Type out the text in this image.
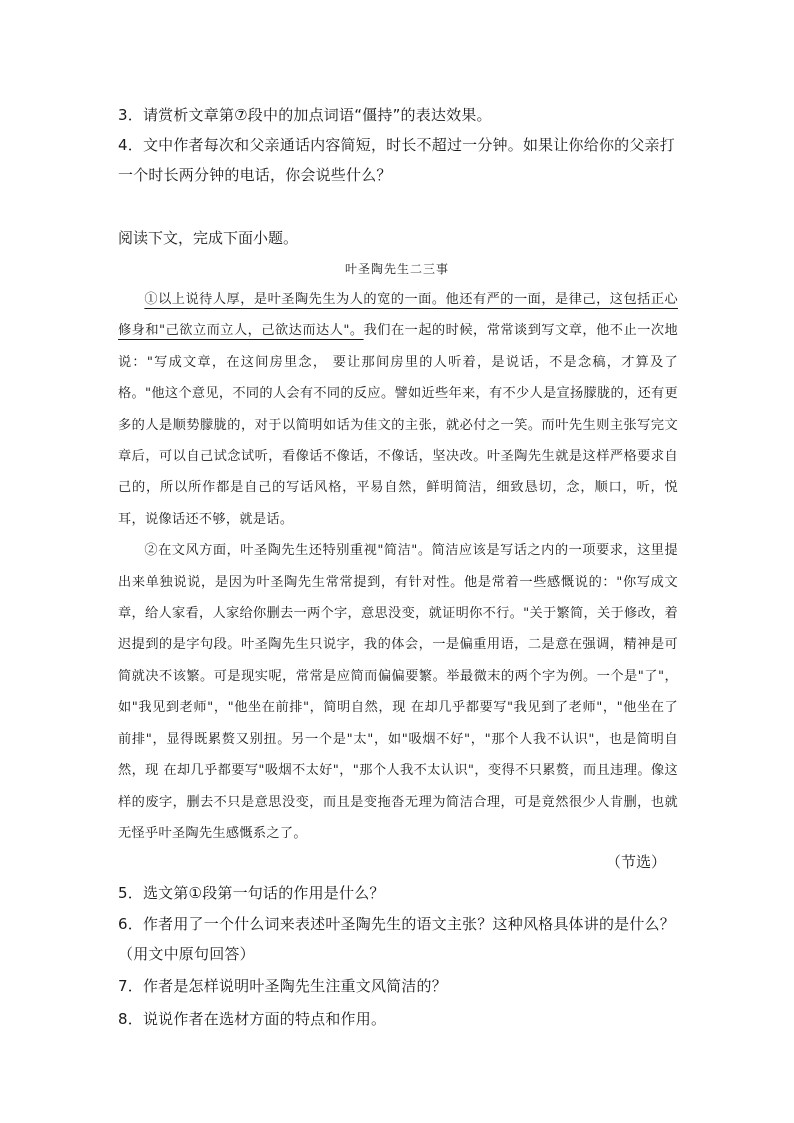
3．请赏析文章第⑦段中的加点词语“僵持”的表达效果。
4．文中作者每次和父亲通话内容简短，时长不超过一分钟。如果让你给你的父亲打一个时长两分钟的电话，你会说些什么？
阅读下文，完成下面小题。
叶圣陶先生二三事

①以上说待人厚，是叶圣陶先生为人的宽的一面。他还有严的一面，是律己，这包括正心修身和"己欲立而立人，己欲达而达人"。我们在一起的时候，常常谈到写文章，他不止一次地说："写成文章，在这间房里念， 要让那间房里的人听着，是说话，不是念稿，才算及了格。"他这个意见，不同的人会有不同的反应。譬如近些年来，有不少人是宣扬朦胧的，还有更多的人是顺势朦胧的，对于以简明如话为佳文的主张，就必付之一笑。而叶先生则主张写完文章后，可以自己试念试听，看像话不像话，不像话，坚决改。叶圣陶先生就是这样严格要求自己的，所以所作都是自己的写话风格，平易自然，鲜明简洁，细致恳切，念，顺口，听，悦耳，说像话还不够，就是话。

②在文风方面，叶圣陶先生还特别重视"简洁"。简洁应该是写话之内的一项要求，这里提出来单独说说，是因为叶圣陶先生常常提到，有针对性。他是常着一些感慨说的："你写成文章，给人家看，人家给你删去一两个字，意思没变，就证明你不行。"关于繁简，关于修改，着迟提到的是字句段。叶圣陶先生只说字，我的体会，一是偏重用语，二是意在强调，精神是可简就决不该繁。可是现实呢，常常是应简而偏偏要繁。举最微末的两个字为例。一个是"了"，如"我见到老师"，"他坐在前排"，简明自然，现 在却几乎都要写"我见到了老师"，"他坐在了前排"，显得既累赘又别扭。另一个是"太"，如"吸烟不好"，"那个人我不认识"，也是简明自然，现 在却几乎都要写"吸烟不太好"，"那个人我不太认识"，变得不只累赘，而且违理。像这样的废字，删去不只是意思没变，而且是变拖沓无理为简洁合理，可是竟然很少人肯删，也就无怪乎叶圣陶先生感慨系之了。

（节选）
5．选文第①段第一句话的作用是什么？
6．作者用了一个什么词来表述叶圣陶先生的语文主张？这种风格具体讲的是什么？（用文中原句回答）
7．作者是怎样说明叶圣陶先生注重文风简洁的？
8．说说作者在选材方面的特点和作用。
